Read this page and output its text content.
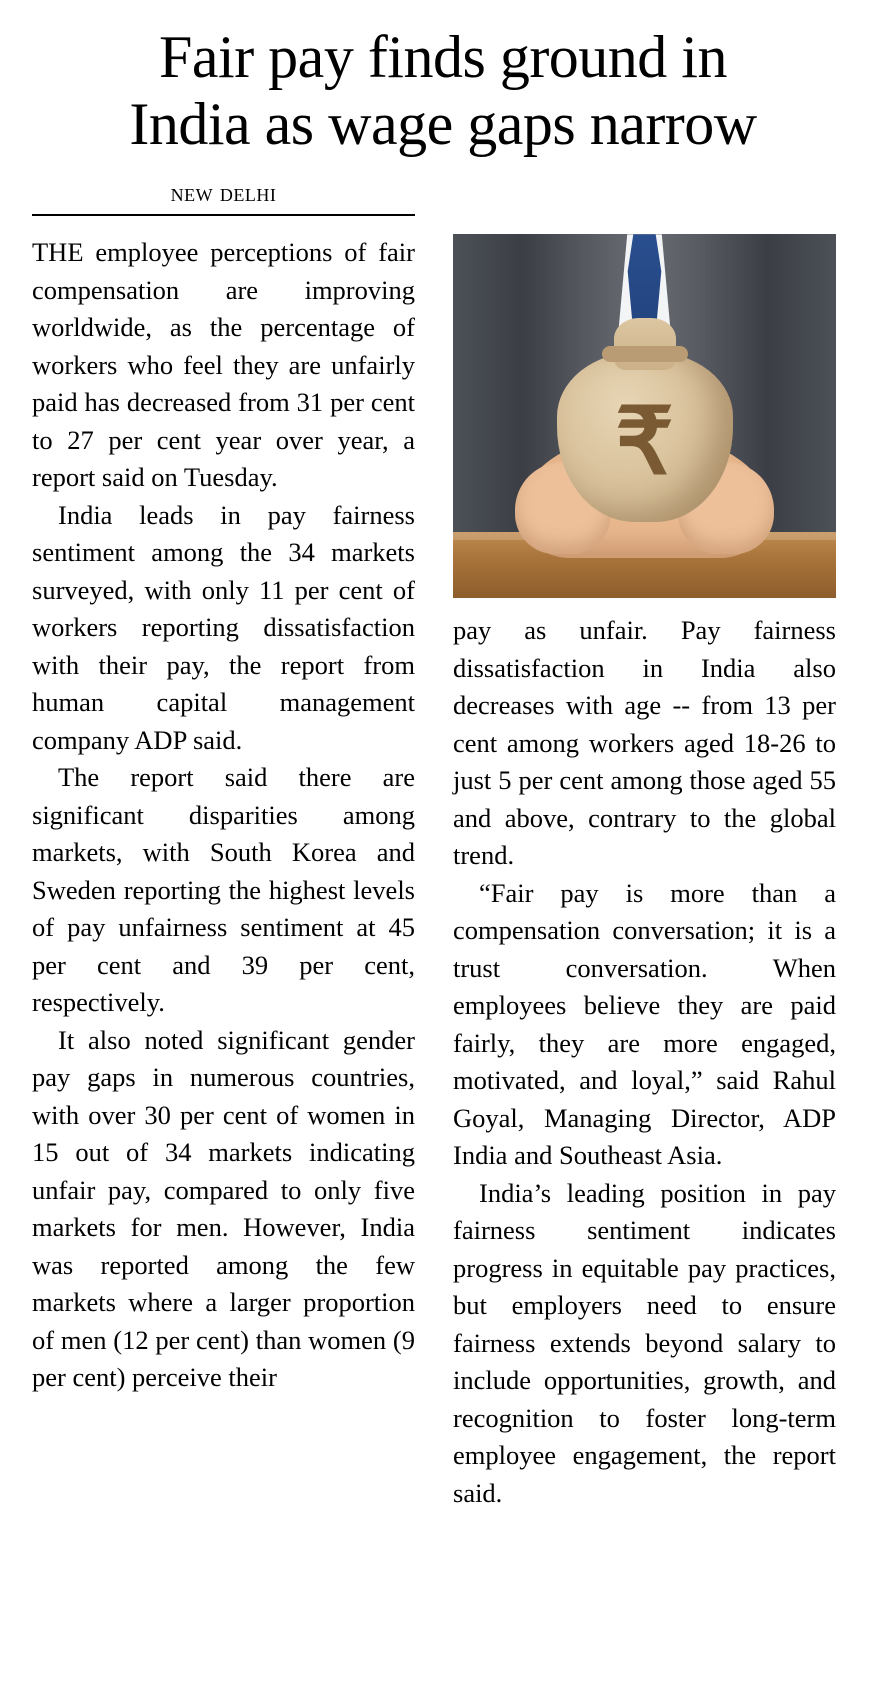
Fair pay finds ground in
India as wage gaps narrow
new delhi

THE employee perceptions of fair compensation are improving worldwide, as the percentage of workers who feel they are unfairly paid has decreased from 31 per cent to 27 per cent year over year, a report said on Tuesday.

India leads in pay fairness sentiment among the 34 markets surveyed, with only 11 per cent of workers reporting dissatisfaction with their pay, the report from human capital management company ADP said.

The report said there are significant disparities among markets, with South Korea and Sweden reporting the highest levels of pay unfairness sentiment at 45 per cent and 39 per cent, respectively.

It also noted significant gender pay gaps in numerous countries, with over 30 per cent of women in 15 out of 34 markets indicating unfair pay, compared to only five markets for men. However, India was reported among the few markets where a larger proportion of men (12 per cent) than women (9 per cent) perceive their

₹

pay as unfair. Pay fairness dissatisfaction in India also decreases with age -- from 13 per cent among workers aged 18-26 to just 5 per cent among those aged 55 and above, contrary to the global trend.

“Fair pay is more than a compensation conversation; it is a trust conversation. When employees believe they are paid fairly, they are more engaged, motivated, and loyal,” said Rahul Goyal, Managing Director, ADP India and Southeast Asia.

India’s leading position in pay fairness sentiment indicates progress in equitable pay practices, but employers need to ensure fairness extends beyond salary to include opportunities, growth, and recognition to foster long-term employee engagement, the report said.
